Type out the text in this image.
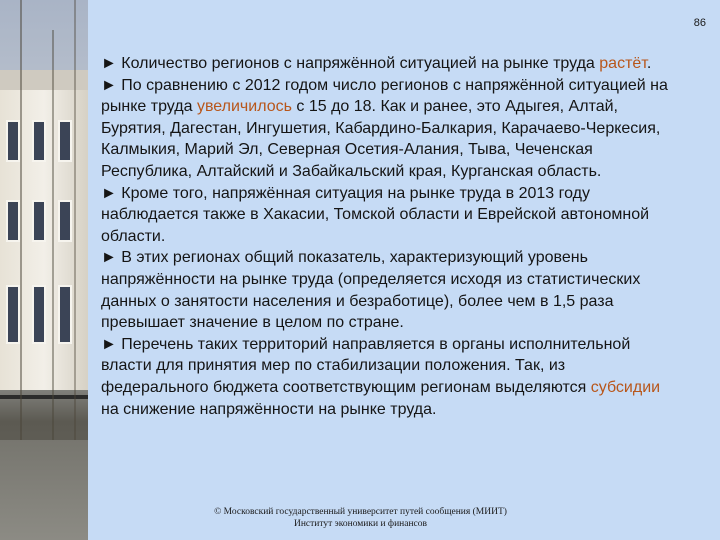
86

► Количество регионов с напряжённой ситуацией на рынке труда растёт.

► По сравнению с 2012 годом число регионов с напряжённой ситуацией на рынке труда увеличилось с 15 до 18. Как и ранее, это Адыгея, Алтай, Бурятия, Дагестан, Ингушетия, Кабардино-Балкария, Карачаево-Черкесия, Калмыкия, Марий Эл, Северная Осетия-Алания, Тыва, Чеченская Республика, Алтайский и Забайкальский края, Курганская область.

► Кроме того, напряжённая ситуация на рынке труда в 2013 году наблюдается также в Хакасии, Томской области и Еврейской автономной области.

► В этих регионах общий показатель, характеризующий уровень напряжённости на рынке труда (определяется исходя из статистических данных о занятости населения и безработице), более чем в 1,5 раза превышает значение в целом по стране.

► Перечень таких территорий направляется в органы исполнительной власти для принятия мер по стабилизации положения. Так, из федерального бюджета соответствующим регионам выделяются субсидии на снижение напряжённости на рынке труда.

© Московский государственный университет путей сообщения (МИИТ)
Институт экономики и финансов
